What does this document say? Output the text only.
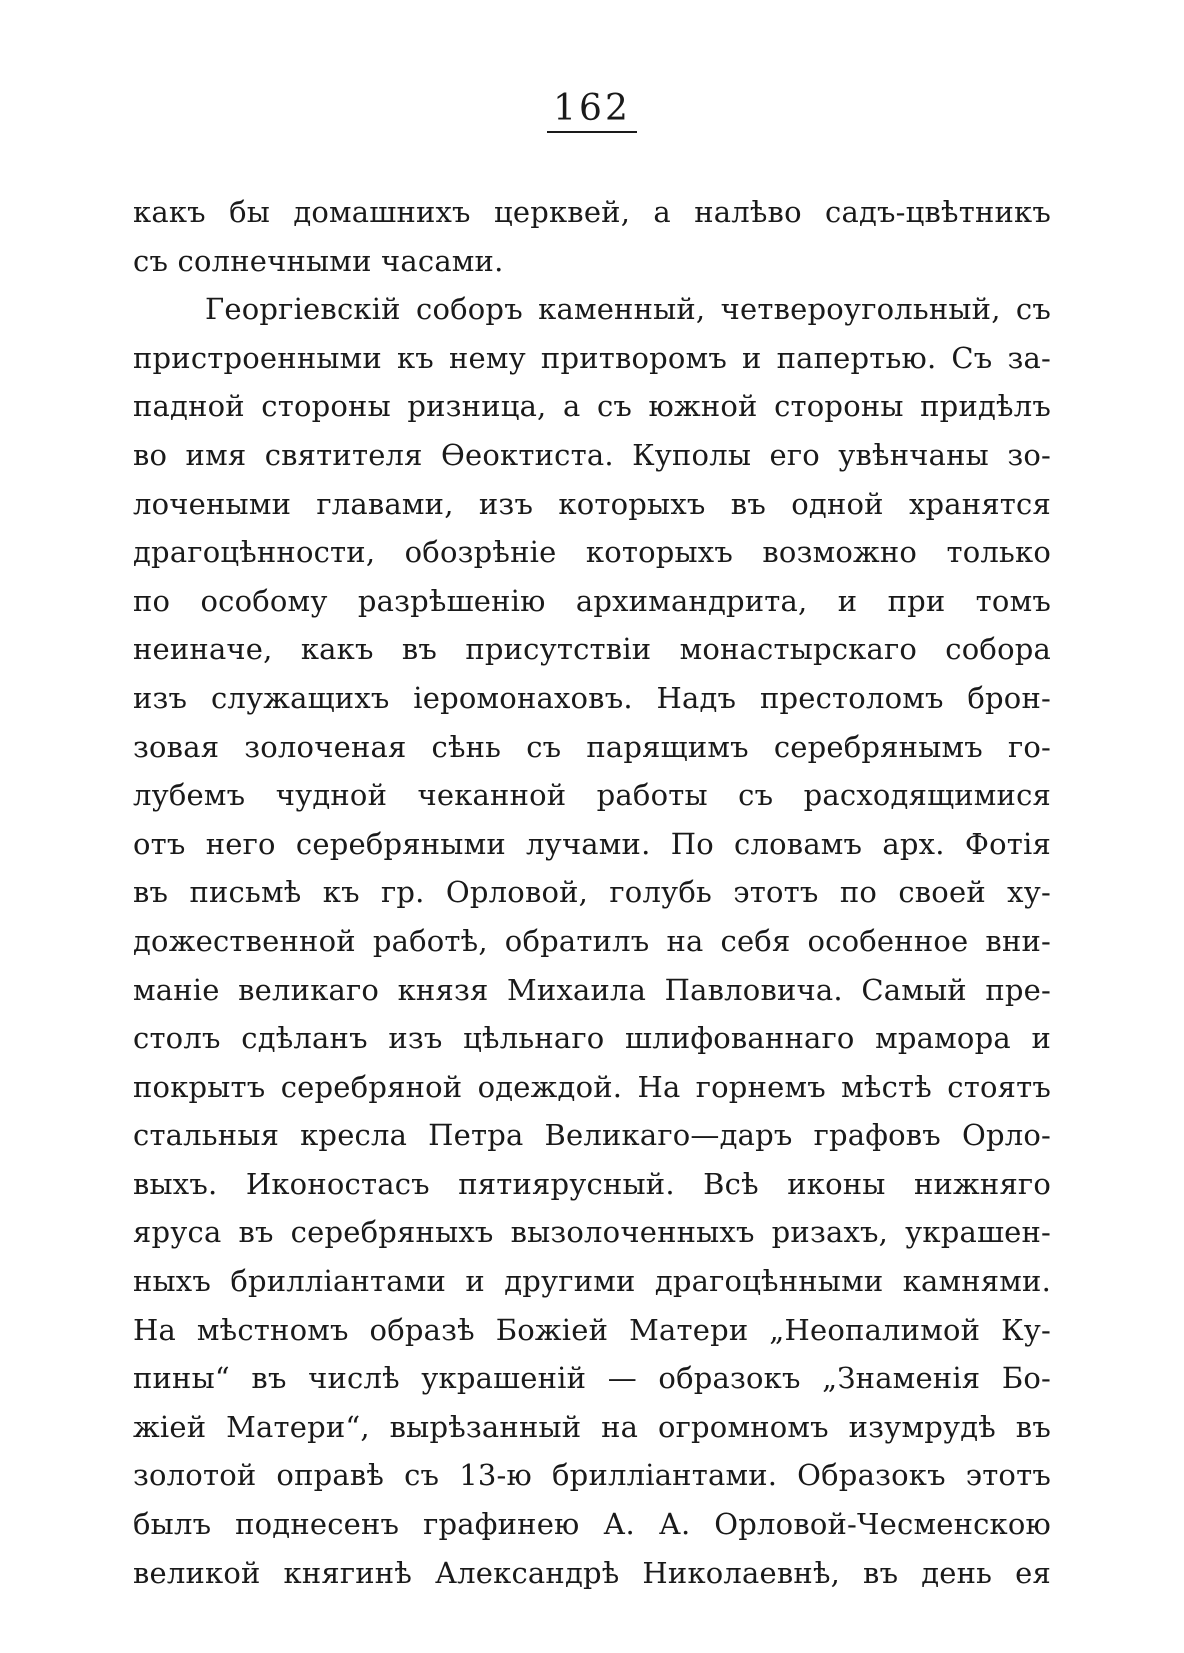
162
какъ бы домашнихъ церквей, а налѣво садъ-цвѣтникъ
съ солнечными часами.
Георгіевскій соборъ каменный, четвероугольный, съ
пристроенными къ нему притворомъ и папертью. Съ за-
падной стороны ризница, а съ южной стороны придѣлъ
во имя святителя Ѳеоктиста. Куполы его увѣнчаны зо-
лочеными главами, изъ которыхъ въ одной хранятся
драгоцѣнности, обозрѣніе которыхъ возможно только
по особому разрѣшенію архимандрита, и при томъ
неиначе, какъ въ присутствіи монастырскаго собора
изъ служащихъ іеромонаховъ. Надъ престоломъ брон-
зовая золоченая сѣнь съ парящимъ серебрянымъ го-
лубемъ чудной чеканной работы съ расходящимися
отъ него серебряными лучами. По словамъ арх. Фотія
въ письмѣ къ гр. Орловой, голубь этотъ по своей ху-
дожественной работѣ, обратилъ на себя особенное вни-
маніе великаго князя Михаила Павловича. Самый пре-
столъ сдѣланъ изъ цѣльнаго шлифованнаго мрамора и
покрытъ серебряной одеждой. На горнемъ мѣстѣ стоятъ
стальныя кресла Петра Великаго—даръ графовъ Орло-
выхъ. Иконостасъ пятиярусный. Всѣ иконы нижняго
яруса въ серебряныхъ вызолоченныхъ ризахъ, украшен-
ныхъ бриллiантами и другими драгоцѣнными камнями.
На мѣстномъ образѣ Божіей Матери „Неопалимой Ку-
пины“ въ числѣ украшеній — образокъ „Знаменія Бо-
жіей Матери“, вырѣзанный на огромномъ изумрудѣ въ
золотой оправѣ съ 13-ю бриллiантами. Образокъ этотъ
былъ поднесенъ графинею А. А. Орловой-Чесменскою
великой княгинѣ Александрѣ Николаевнѣ, въ день ея
